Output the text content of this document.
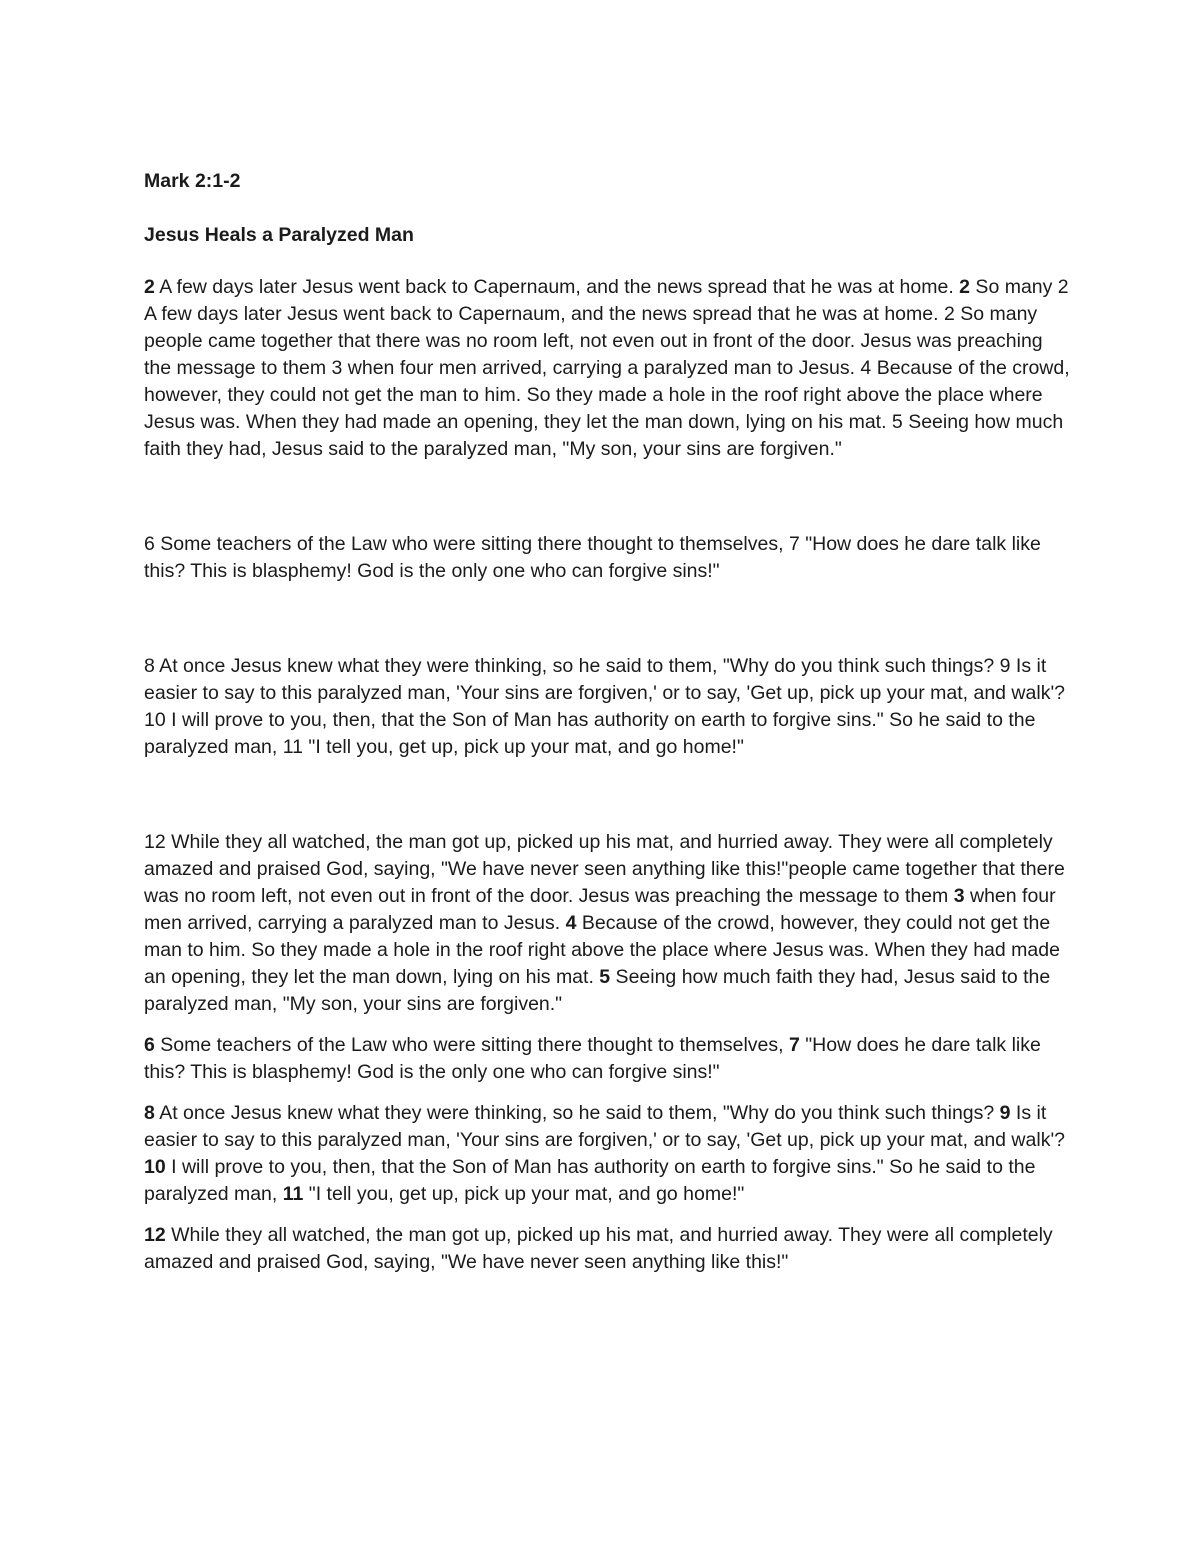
Mark 2:1-2

Jesus Heals a Paralyzed Man

2 A few days later Jesus went back to Capernaum, and the news spread that he was at home. 2 So many 2 A few days later Jesus went back to Capernaum, and the news spread that he was at home. 2 So many people came together that there was no room left, not even out in front of the door. Jesus was preaching the message to them 3 when four men arrived, carrying a paralyzed man to Jesus. 4 Because of the crowd, however, they could not get the man to him. So they made a hole in the roof right above the place where Jesus was. When they had made an opening, they let the man down, lying on his mat. 5 Seeing how much faith they had, Jesus said to the paralyzed man, "My son, your sins are forgiven."

6 Some teachers of the Law who were sitting there thought to themselves, 7 "How does he dare talk like this? This is blasphemy! God is the only one who can forgive sins!"

8 At once Jesus knew what they were thinking, so he said to them, "Why do you think such things? 9 Is it easier to say to this paralyzed man, 'Your sins are forgiven,' or to say, 'Get up, pick up your mat, and walk'? 10 I will prove to you, then, that the Son of Man has authority on earth to forgive sins." So he said to the paralyzed man, 11 "I tell you, get up, pick up your mat, and go home!"

12 While they all watched, the man got up, picked up his mat, and hurried away. They were all completely amazed and praised God, saying, "We have never seen anything like this!"people came together that there was no room left, not even out in front of the door. Jesus was preaching the message to them 3 when four men arrived, carrying a paralyzed man to Jesus. 4 Because of the crowd, however, they could not get the man to him. So they made a hole in the roof right above the place where Jesus was. When they had made an opening, they let the man down, lying on his mat. 5 Seeing how much faith they had, Jesus said to the paralyzed man, "My son, your sins are forgiven."

6 Some teachers of the Law who were sitting there thought to themselves, 7 "How does he dare talk like this? This is blasphemy! God is the only one who can forgive sins!"

8 At once Jesus knew what they were thinking, so he said to them, "Why do you think such things? 9 Is it easier to say to this paralyzed man, 'Your sins are forgiven,' or to say, 'Get up, pick up your mat, and walk'? 10 I will prove to you, then, that the Son of Man has authority on earth to forgive sins." So he said to the paralyzed man, 11 "I tell you, get up, pick up your mat, and go home!"

12 While they all watched, the man got up, picked up his mat, and hurried away. They were all completely amazed and praised God, saying, "We have never seen anything like this!"
